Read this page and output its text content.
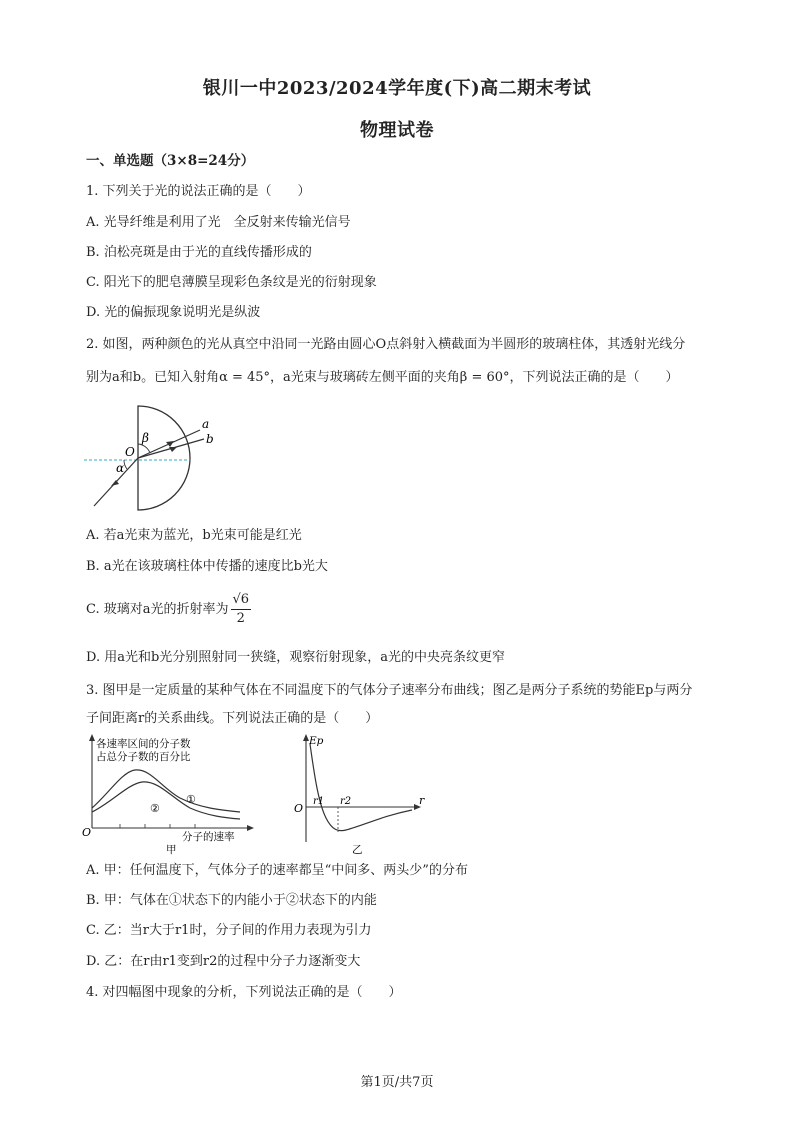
银川一中2023/2024学年度(下)高二期末考试
物理试卷
一、单选题（3×8=24分）
1. 下列关于光的说法正确的是（　　）
A. 光导纤维是利用了光　全反射来传输光信号
B. 泊松亮斑是由于光的直线传播形成的
C. 阳光下的肥皂薄膜呈现彩色条纹是光的衍射现象
D. 光的偏振现象说明光是纵波
2. 如图，两种颜色的光从真空中沿同一光路由圆心O点斜射入横截面为半圆形的玻璃柱体，其透射光线分
别为a和b。已知入射角α = 45°，a光束与玻璃砖左侧平面的夹角β = 60°，下列说法正确的是（　　）
a
b
O
β
α
A. 若a光束为蓝光，b光束可能是红光
B. a光在该玻璃柱体中传播的速度比b光大
C. 玻璃对a光的折射率为 $\frac{√6}{2}$
D. 用a光和b光分别照射同一狭缝，观察衍射现象，a光的中央亮条纹更窄
3. 图甲是一定质量的某种气体在不同温度下的气体分子速率分布曲线；图乙是两分子系统的势能Ep与两分
子间距离r的关系曲线。下列说法正确的是（　　）
各速率区间的分子数
占总分子数的百分比
①
②
O	分子的速率
甲
Ep
r
O
r1 r2
乙
A. 甲：任何温度下，气体分子的速率都呈“中间多、两头少”的分布
B. 甲：气体在①状态下的内能小于②状态下的内能
C. 乙：当r大于r1时，分子间的作用力表现为引力
D. 乙：在r由r1变到r2的过程中分子力逐渐变大
4. 对四幅图中现象的分析，下列说法正确的是（　　）
第1页/共7页
